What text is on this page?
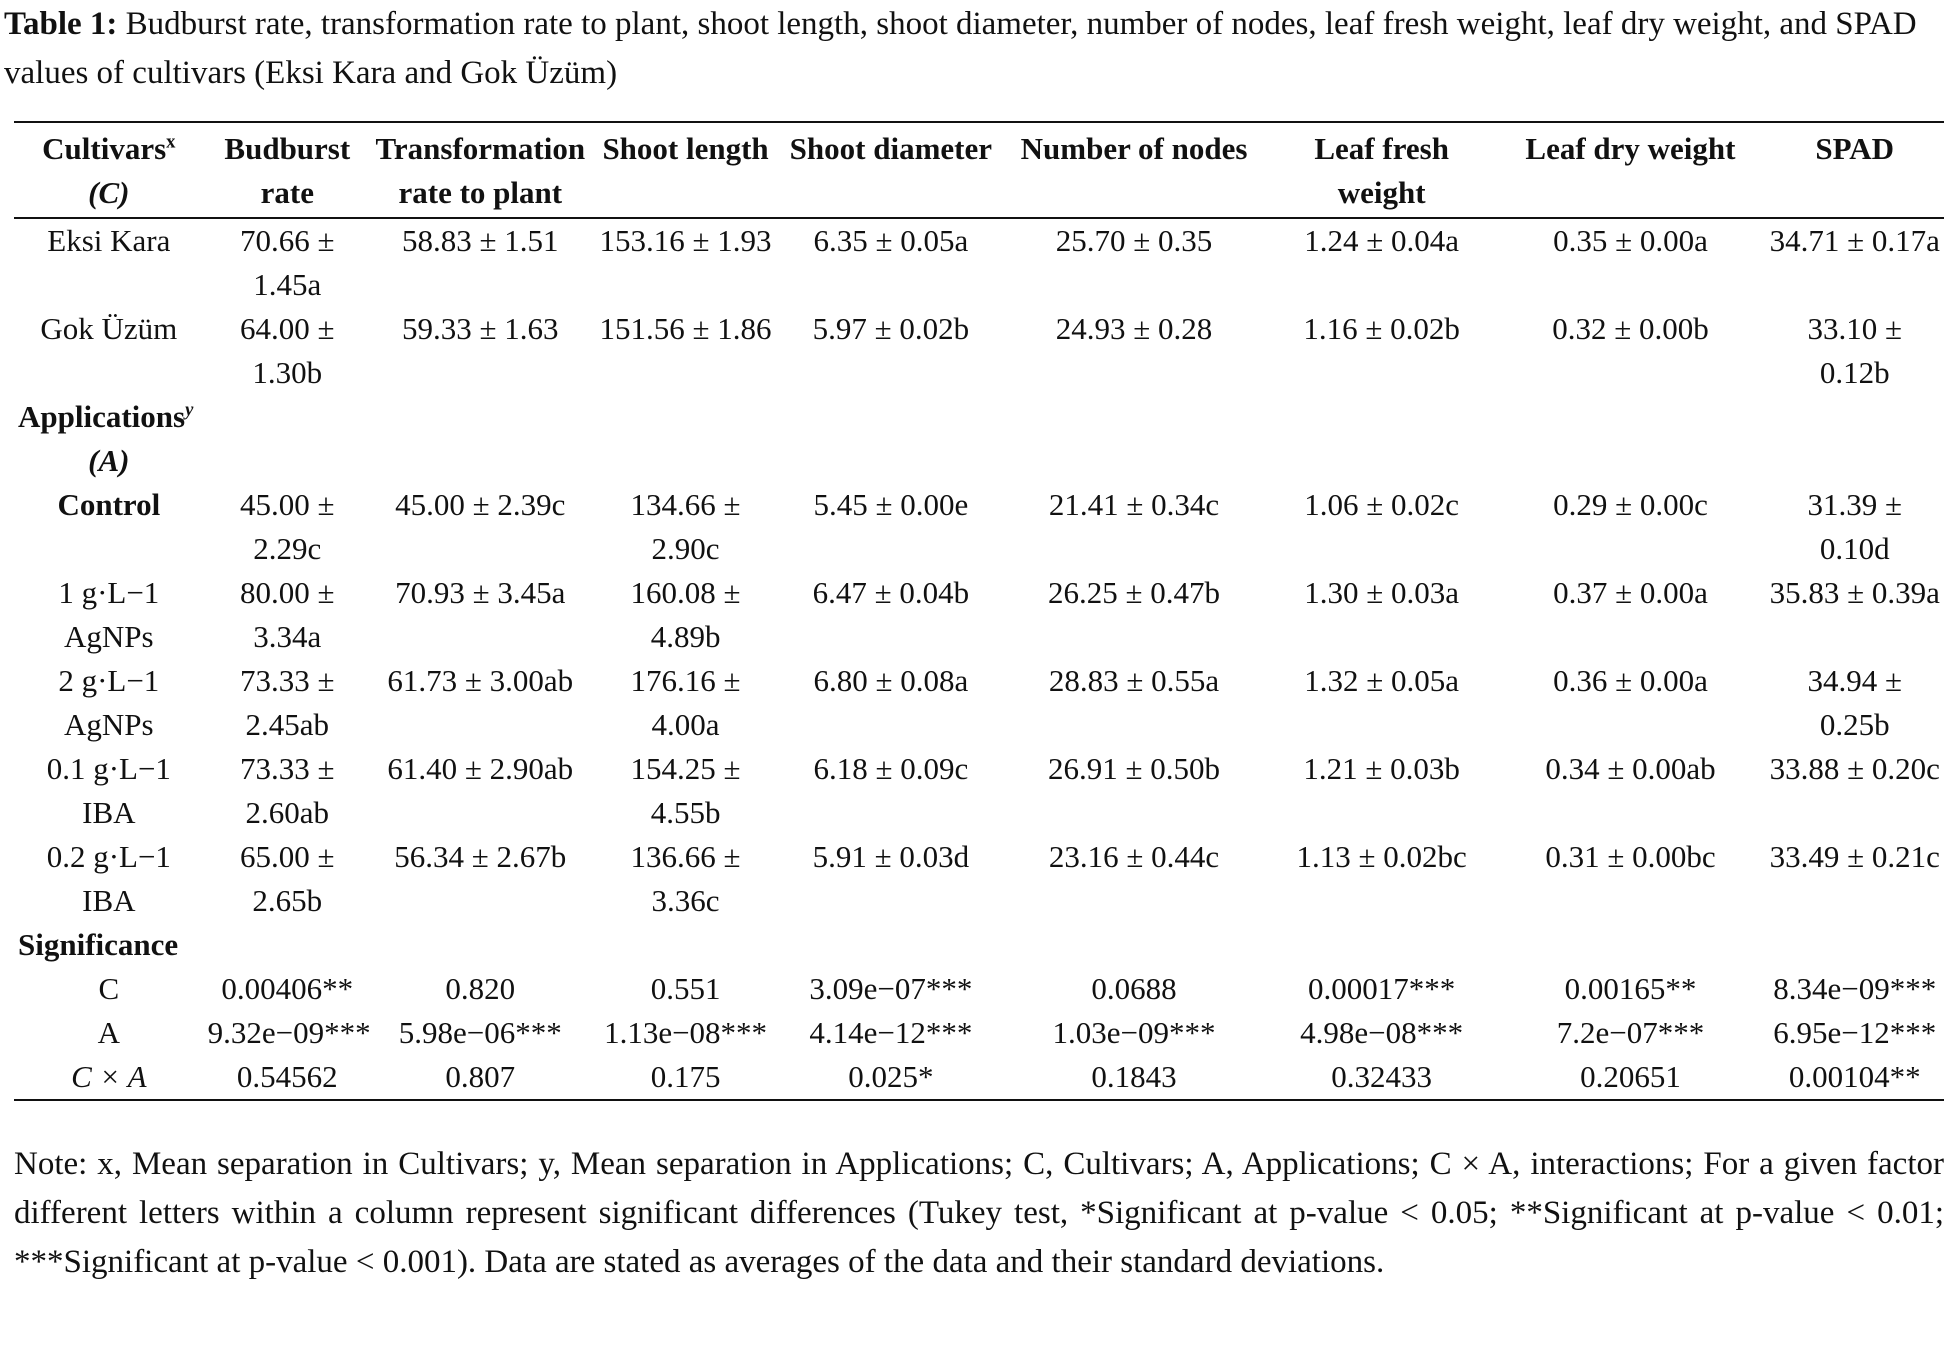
Table 1: Budburst rate, transformation rate to plant, shoot length, shoot diameter, number of nodes, leaf fresh weight, leaf dry weight, and SPAD values of cultivars (Eksi Kara and Gok Üzüm)
Cultivars$^x$
(C)	Budburst rate	Transformation rate to plant	Shoot length	Shoot diameter	Number of nodes	Leaf fresh weight	Leaf dry weight	SPAD
Eksi Kara	70.66 ± 1.45a	58.83 ± 1.51	153.16 ± 1.93	6.35 ± 0.05a	25.70 ± 0.35	1.24 ± 0.04a	0.35 ± 0.00a	34.71 ± 0.17a
Gok Üzüm	64.00 ± 1.30b	59.33 ± 1.63	151.56 ± 1.86	5.97 ± 0.02b	24.93 ± 0.28	1.16 ± 0.02b	0.32 ± 0.00b	33.10 ± 0.12b
Applications$^y$
(A)								
Control	45.00 ± 2.29c	45.00 ± 2.39c	134.66 ± 2.90c	5.45 ± 0.00e	21.41 ± 0.34c	1.06 ± 0.02c	0.29 ± 0.00c	31.39 ± 0.10d
1 g·L−1 AgNPs	80.00 ± 3.34a	70.93 ± 3.45a	160.08 ± 4.89b	6.47 ± 0.04b	26.25 ± 0.47b	1.30 ± 0.03a	0.37 ± 0.00a	35.83 ± 0.39a
2 g·L−1 AgNPs	73.33 ± 2.45ab	61.73 ± 3.00ab	176.16 ± 4.00a	6.80 ± 0.08a	28.83 ± 0.55a	1.32 ± 0.05a	0.36 ± 0.00a	34.94 ± 0.25b
0.1 g·L−1 IBA	73.33 ± 2.60ab	61.40 ± 2.90ab	154.25 ± 4.55b	6.18 ± 0.09c	26.91 ± 0.50b	1.21 ± 0.03b	0.34 ± 0.00ab	33.88 ± 0.20c
0.2 g·L−1 IBA	65.00 ± 2.65b	56.34 ± 2.67b	136.66 ± 3.36c	5.91 ± 0.03d	23.16 ± 0.44c	1.13 ± 0.02bc	0.31 ± 0.00bc	33.49 ± 0.21c
Significance								
C	0.00406**	0.820	0.551	3.09e−07***	0.0688	0.00017***	0.00165**	8.34e−09***
A	9.32e−09***	5.98e−06***	1.13e−08***	4.14e−12***	1.03e−09***	4.98e−08***	7.2e−07***	6.95e−12***
C × A	0.54562	0.807	0.175	0.025*	0.1843	0.32433	0.20651	0.00104**
Note: x, Mean separation in Cultivars; y, Mean separation in Applications; C, Cultivars; A, Applications; C × A, interactions; For a given factor different letters within a column represent significant differences (Tukey test, *Significant at p-value < 0.05; **Significant at p-value < 0.01; ***Significant at p-value < 0.001). Data are stated as averages of the data and their standard deviations.
